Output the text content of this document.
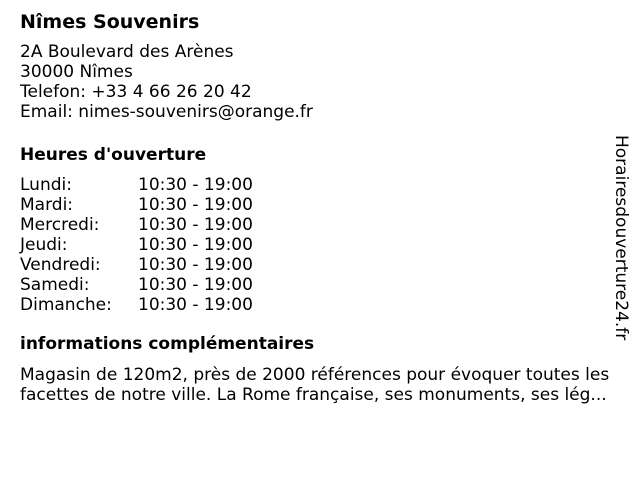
Nîmes Souvenirs
2A Boulevard des Arènes
30000 Nîmes
Telefon: +33 4 66 26 20 42
Email: nimes-souvenirs@orange.fr
Heures d'ouverture
Lundi:	10:30 - 19:00
Mardi:	10:30 - 19:00
Mercredi:	10:30 - 19:00
Jeudi:	10:30 - 19:00
Vendredi:	10:30 - 19:00
Samedi:	10:30 - 19:00
Dimanche:	10:30 - 19:00
informations complémentaires
Magasin de 120m2, près de 2000 références pour évoquer toutes les
facettes de notre ville. La Rome française, ses monuments, ses lég...
Horairesdouverture24.fr
